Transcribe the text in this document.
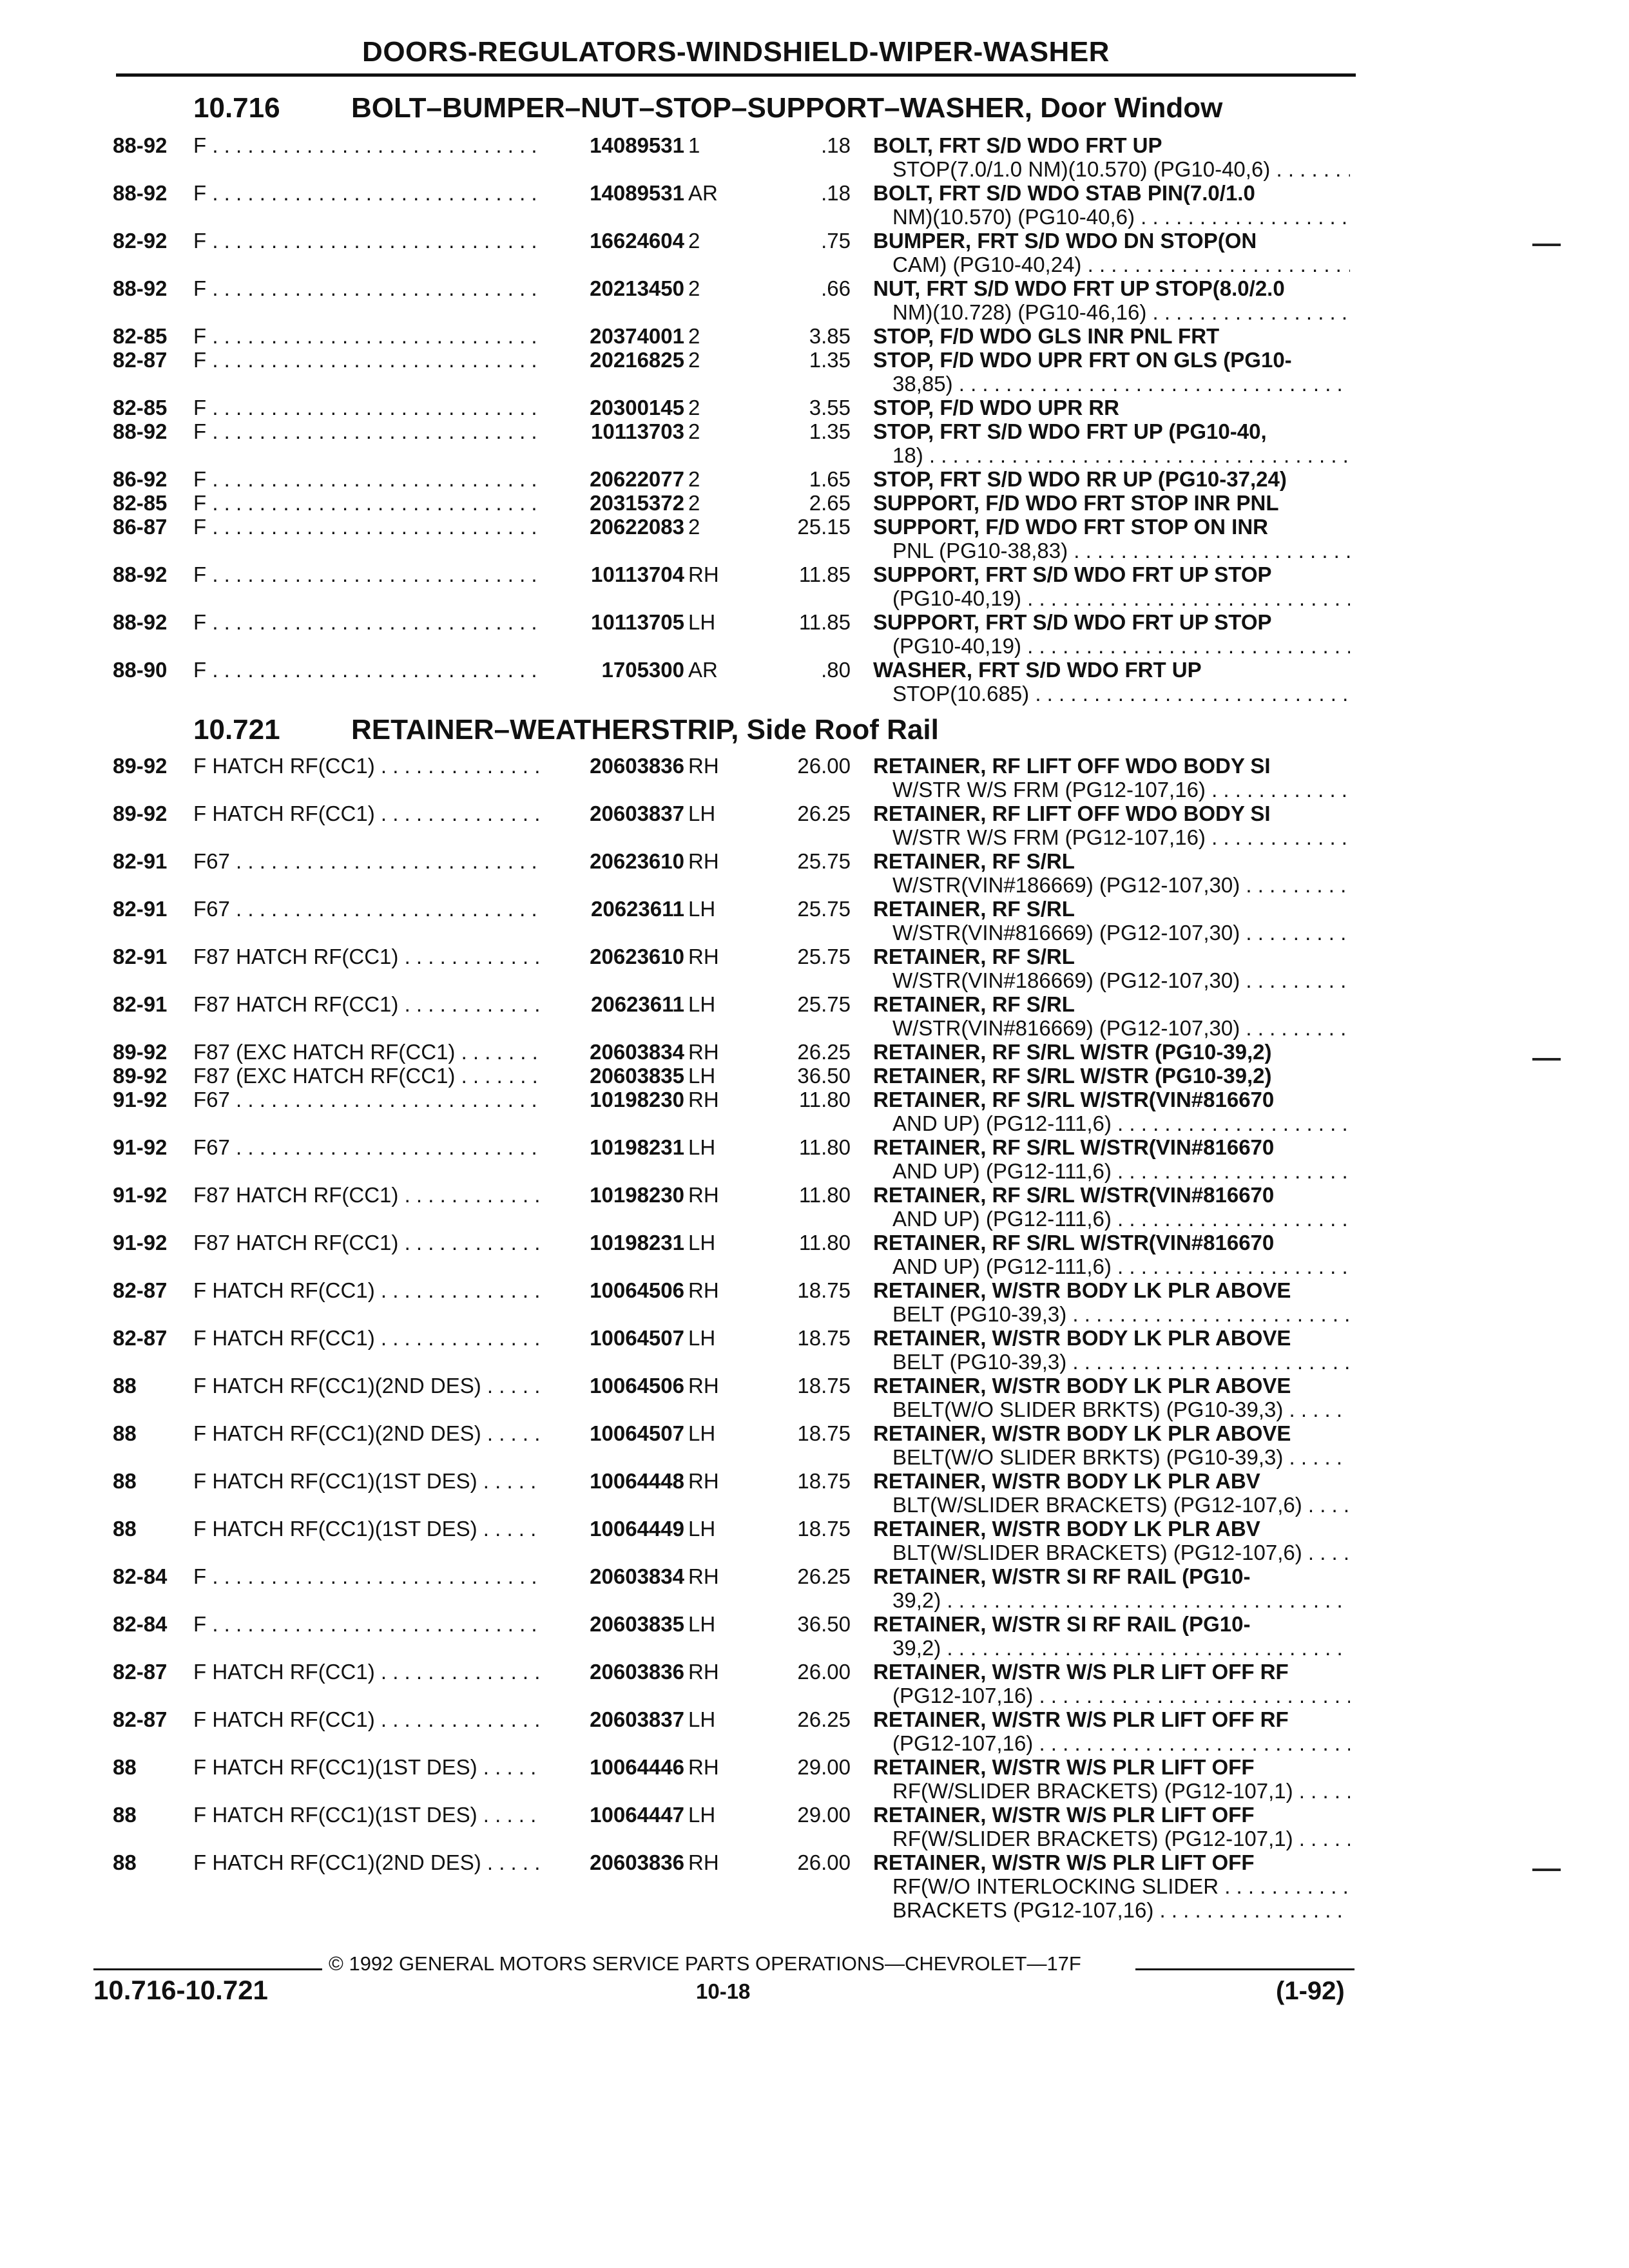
DOORS-REGULATORS-WINDSHIELD-WIPER-WASHER
10.716	BOLT–BUMPER–NUT–STOP–SUPPORT–WASHER, Door Window
88-92 F . . .	14089531 1	.18 BOLT, FRT S/D WDO FRT UP
STOP(7.0/1.0 NM)(10.570) (PG10-40,6) . . .
88-92 F . . .	14089531 AR	.18 BOLT, FRT S/D WDO STAB PIN(7.0/1.0
NM)(10.570) (PG10-40,6) . . .
82-92 F . . .	16624604 2	.75 BUMPER, FRT S/D WDO DN STOP(ON
CAM) (PG10-40,24) . . .
88-92 F . . .	20213450 2	.66 NUT, FRT S/D WDO FRT UP STOP(8.0/2.0
NM)(10.728) (PG10-46,16) . . .
82-85 F . . .	20374001 2	3.85 STOP, F/D WDO GLS INR PNL FRT
82-87 F . . .	20216825 2	1.35 STOP, F/D WDO UPR FRT ON GLS (PG10-
38,85) . . .
82-85 F . . .	20300145 2	3.55 STOP, F/D WDO UPR RR
88-92 F . . .	10113703 2	1.35 STOP, FRT S/D WDO FRT UP (PG10-40,
18) . . .
86-92 F . . .	20622077 2	1.65 STOP, FRT S/D WDO RR UP (PG10-37,24)
82-85 F . . .	20315372 2	2.65 SUPPORT, F/D WDO FRT STOP INR PNL
86-87 F . . .	20622083 2	25.15 SUPPORT, F/D WDO FRT STOP ON INR
PNL (PG10-38,83) . . .
88-92 F . . .	10113704 RH	11.85 SUPPORT, FRT S/D WDO FRT UP STOP
(PG10-40,19) . . .
88-92 F . . .	10113705 LH	11.85 SUPPORT, FRT S/D WDO FRT UP STOP
(PG10-40,19) . . .
88-90 F . . .	1705300 AR	.80 WASHER, FRT S/D WDO FRT UP
STOP(10.685) . . .
10.721	RETAINER–WEATHERSTRIP, Side Roof Rail
89-92 F HATCH RF(CC1) . . .	20603836 RH	26.00 RETAINER, RF LIFT OFF WDO BODY SI
W/STR W/S FRM (PG12-107,16) . . .
89-92 F HATCH RF(CC1) . . .	20603837 LH	26.25 RETAINER, RF LIFT OFF WDO BODY SI
W/STR W/S FRM (PG12-107,16) . . .
82-91 F67 . . .	20623610 RH	25.75 RETAINER, RF S/RL
W/STR(VIN#186669) (PG12-107,30) . . .
82-91 F67 . . .	20623611 LH	25.75 RETAINER, RF S/RL
W/STR(VIN#816669) (PG12-107,30) . . .
82-91 F87 HATCH RF(CC1) . . .	20623610 RH	25.75 RETAINER, RF S/RL
W/STR(VIN#186669) (PG12-107,30) . . .
82-91 F87 HATCH RF(CC1) . . .	20623611 LH	25.75 RETAINER, RF S/RL
W/STR(VIN#816669) (PG12-107,30) . . .
89-92 F87 (EXC HATCH RF(CC1) . . .	20603834 RH	26.25 RETAINER, RF S/RL W/STR (PG10-39,2)
89-92 F87 (EXC HATCH RF(CC1) . . .	20603835 LH	36.50 RETAINER, RF S/RL W/STR (PG10-39,2)
91-92 F67 . . .	10198230 RH	11.80 RETAINER, RF S/RL W/STR(VIN#816670
AND UP) (PG12-111,6) . . .
91-92 F67 . . .	10198231 LH	11.80 RETAINER, RF S/RL W/STR(VIN#816670
AND UP) (PG12-111,6) . . .
91-92 F87 HATCH RF(CC1) . . .	10198230 RH	11.80 RETAINER, RF S/RL W/STR(VIN#816670
AND UP) (PG12-111,6) . . .
91-92 F87 HATCH RF(CC1) . . .	10198231 LH	11.80 RETAINER, RF S/RL W/STR(VIN#816670
AND UP) (PG12-111,6) . . .
82-87 F HATCH RF(CC1) . . .	10064506 RH	18.75 RETAINER, W/STR BODY LK PLR ABOVE
BELT (PG10-39,3) . . .
82-87 F HATCH RF(CC1) . . .	10064507 LH	18.75 RETAINER, W/STR BODY LK PLR ABOVE
BELT (PG10-39,3) . . .
88	F HATCH RF(CC1)(2ND DES) . . .	10064506 RH	18.75 RETAINER, W/STR BODY LK PLR ABOVE
BELT(W/O SLIDER BRKTS) (PG10-39,3) . . .
88	F HATCH RF(CC1)(2ND DES) . . .	10064507 LH	18.75 RETAINER, W/STR BODY LK PLR ABOVE
BELT(W/O SLIDER BRKTS) (PG10-39,3) . . .
88	F HATCH RF(CC1)(1ST DES) . . .	10064448 RH	18.75 RETAINER, W/STR BODY LK PLR ABV
BLT(W/SLIDER BRACKETS) (PG12-107,6) . . .
88	F HATCH RF(CC1)(1ST DES) . . .	10064449 LH	18.75 RETAINER, W/STR BODY LK PLR ABV
BLT(W/SLIDER BRACKETS) (PG12-107,6) . . .
82-84 F . . .	20603834 RH	26.25 RETAINER, W/STR SI RF RAIL (PG10-
39,2) . . .
82-84 F . . .	20603835 LH	36.50 RETAINER, W/STR SI RF RAIL (PG10-
39,2) . . .
82-87 F HATCH RF(CC1) . . .	20603836 RH	26.00 RETAINER, W/STR W/S PLR LIFT OFF RF
(PG12-107,16) . . .
82-87 F HATCH RF(CC1) . . .	20603837 LH	26.25 RETAINER, W/STR W/S PLR LIFT OFF RF
(PG12-107,16) . . .
88	F HATCH RF(CC1)(1ST DES) . . .	10064446 RH	29.00 RETAINER, W/STR W/S PLR LIFT OFF
RF(W/SLIDER BRACKETS) (PG12-107,1) . . .
88	F HATCH RF(CC1)(1ST DES) . . .	10064447 LH	29.00 RETAINER, W/STR W/S PLR LIFT OFF
RF(W/SLIDER BRACKETS) (PG12-107,1) . . .
88	F HATCH RF(CC1)(2ND DES) . . .	20603836 RH	26.00 RETAINER, W/STR W/S PLR LIFT OFF
RF(W/O INTERLOCKING SLIDER . . .
BRACKETS (PG12-107,16) . . .
© 1992 GENERAL MOTORS SERVICE PARTS OPERATIONS—CHEVROLET—17F
10.716-10.721	10-18	(1-92)
